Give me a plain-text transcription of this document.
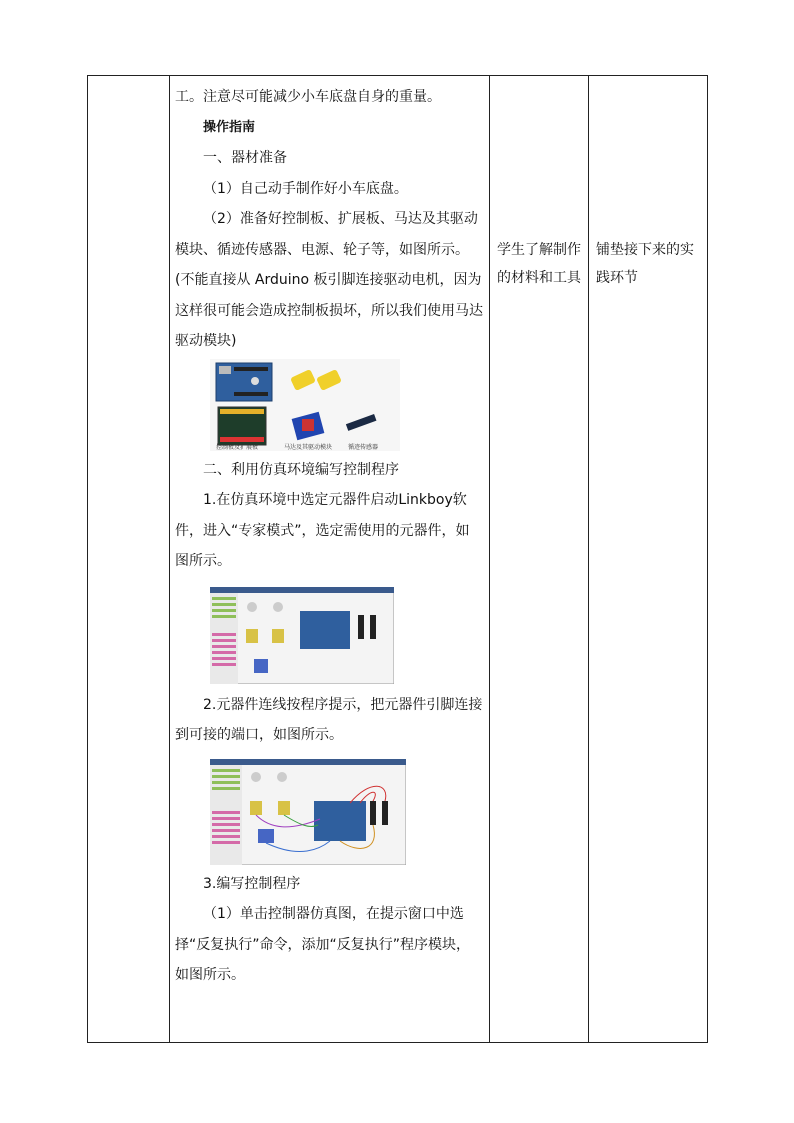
工。注意尽可能减少小车底盘自身的重量。

操作指南

一、器材准备

（1）自己动手制作好小车底盘。

（2）准备好控制板、扩展板、马达及其驱动模块、循迹传感器、电源、轮子等，如图所示。(不能直接从 Arduino 板引脚连接驱动电机，因为这样很可能会造成控制板损坏，所以我们使用马达驱动模块)

控制板及扩展板	马达及其驱动模块	循迹传感器

二、利用仿真环境编写控制程序

1.在仿真环境中选定元器件启动Linkboy软件，进入“专家模式”，选定需使用的元器件，如图所示。

2.元器件连线按程序提示，把元器件引脚连接到可接的端口，如图所示。

3.编写控制程序

（1）单击控制器仿真图，在提示窗口中选择“反复执行”命令，添加“反复执行”程序模块，如图所示。

学生了解制作的材料和工具
铺垫接下来的实践环节
